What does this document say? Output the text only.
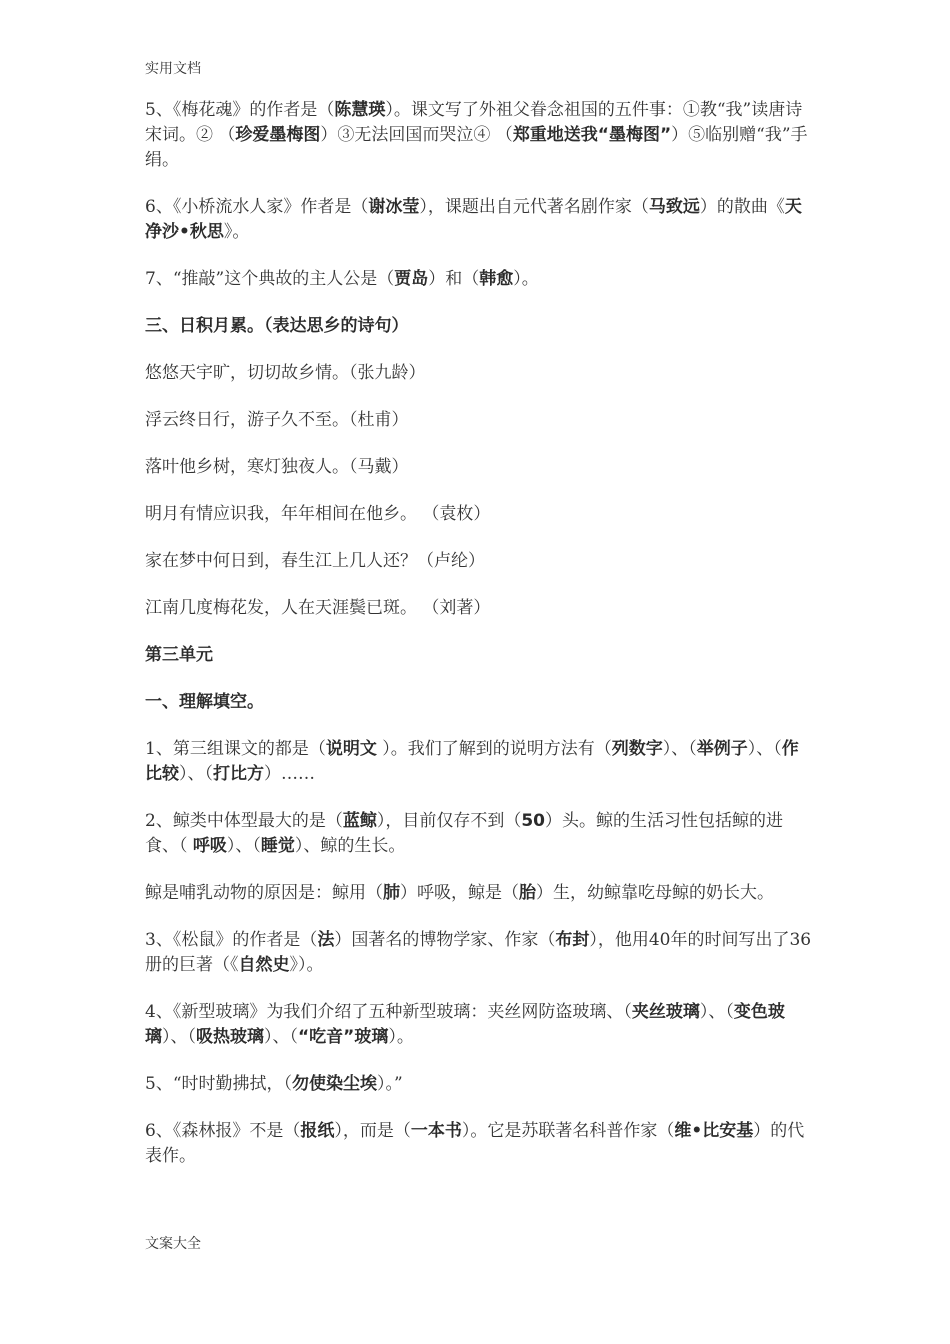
实用文档
5、《梅花魂》的作者是（陈慧瑛）。课文写了外祖父眷念祖国的五件事：①教“我”读唐诗宋词。② （珍爱墨梅图）③无法回国而哭泣④ （郑重地送我“墨梅图”）⑤临别赠“我”手绢。
6、《小桥流水人家》作者是（谢冰莹），课题出自元代著名剧作家（马致远）的散曲《天净沙•秋思》。
7、“推敲”这个典故的主人公是（贾岛）和（韩愈）。
三、日积月累。（表达思乡的诗句）
悠悠天宇旷，切切故乡情。（张九龄）
浮云终日行，游子久不至。（杜甫）
落叶他乡树，寒灯独夜人。（马戴）
明月有情应识我，年年相间在他乡。 （袁枚）
家在梦中何日到，春生江上几人还？（卢纶）
江南几度梅花发，人在天涯鬓已斑。 （刘著）
第三单元
一、理解填空。
1、第三组课文的都是（说明文 ）。我们了解到的说明方法有（列数字）、（举例子）、（作比较）、（打比方）……
2、鲸类中体型最大的是（蓝鲸），目前仅存不到（50）头。鲸的生活习性包括鲸的进食、（ 呼吸）、（睡觉）、鲸的生长。
鲸是哺乳动物的原因是：鲸用（肺）呼吸，鲸是（胎）生，幼鲸靠吃母鲸的奶长大。
3、《松鼠》的作者是（法）国著名的博物学家、作家（布封），他用40年的时间写出了36册的巨著（《自然史》）。
4、《新型玻璃》为我们介绍了五种新型玻璃：夹丝网防盗玻璃、（夹丝玻璃）、（变色玻璃）、（吸热玻璃）、（“吃音”玻璃）。
5、“时时勤拂拭，（勿使染尘埃）。”
6、《森林报》不是（报纸），而是（一本书）。它是苏联著名科普作家（维•比安基）的代表作。
文案大全
